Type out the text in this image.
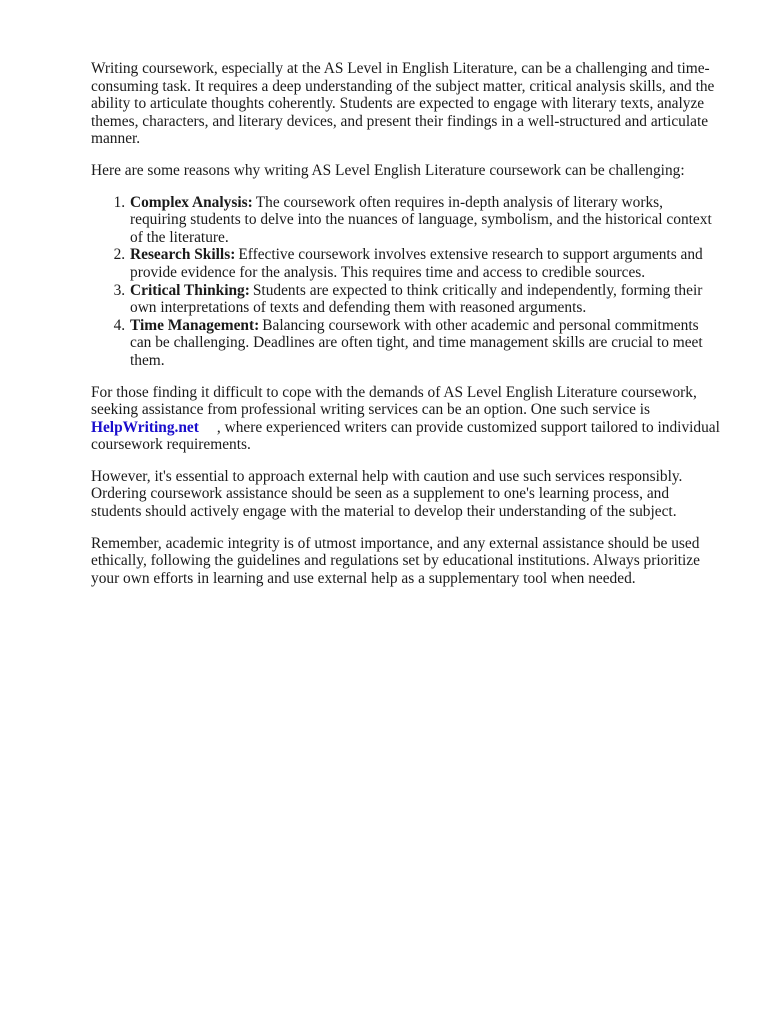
Writing coursework, especially at the AS Level in English Literature, can be a challenging and time-consuming task. It requires a deep understanding of the subject matter, critical analysis skills, and the ability to articulate thoughts coherently. Students are expected to engage with literary texts, analyze themes, characters, and literary devices, and present their findings in a well-structured and articulate manner.

Here are some reasons why writing AS Level English Literature coursework can be challenging:

1. Complex Analysis: The coursework often requires in-depth analysis of literary works, requiring students to delve into the nuances of language, symbolism, and the historical context of the literature.
2. Research Skills: Effective coursework involves extensive research to support arguments and provide evidence for the analysis. This requires time and access to credible sources.
3. Critical Thinking: Students are expected to think critically and independently, forming their own interpretations of texts and defending them with reasoned arguments.
4. Time Management: Balancing coursework with other academic and personal commitments can be challenging. Deadlines are often tight, and time management skills are crucial to meet them.

For those finding it difficult to cope with the demands of AS Level English Literature coursework, seeking assistance from professional writing services can be an option. One such service is
HelpWriting.net , where experienced writers can provide customized support tailored to individual coursework requirements.

However, it's essential to approach external help with caution and use such services responsibly. Ordering coursework assistance should be seen as a supplement to one's learning process, and students should actively engage with the material to develop their understanding of the subject.

Remember, academic integrity is of utmost importance, and any external assistance should be used ethically, following the guidelines and regulations set by educational institutions. Always prioritize your own efforts in learning and use external help as a supplementary tool when needed.
